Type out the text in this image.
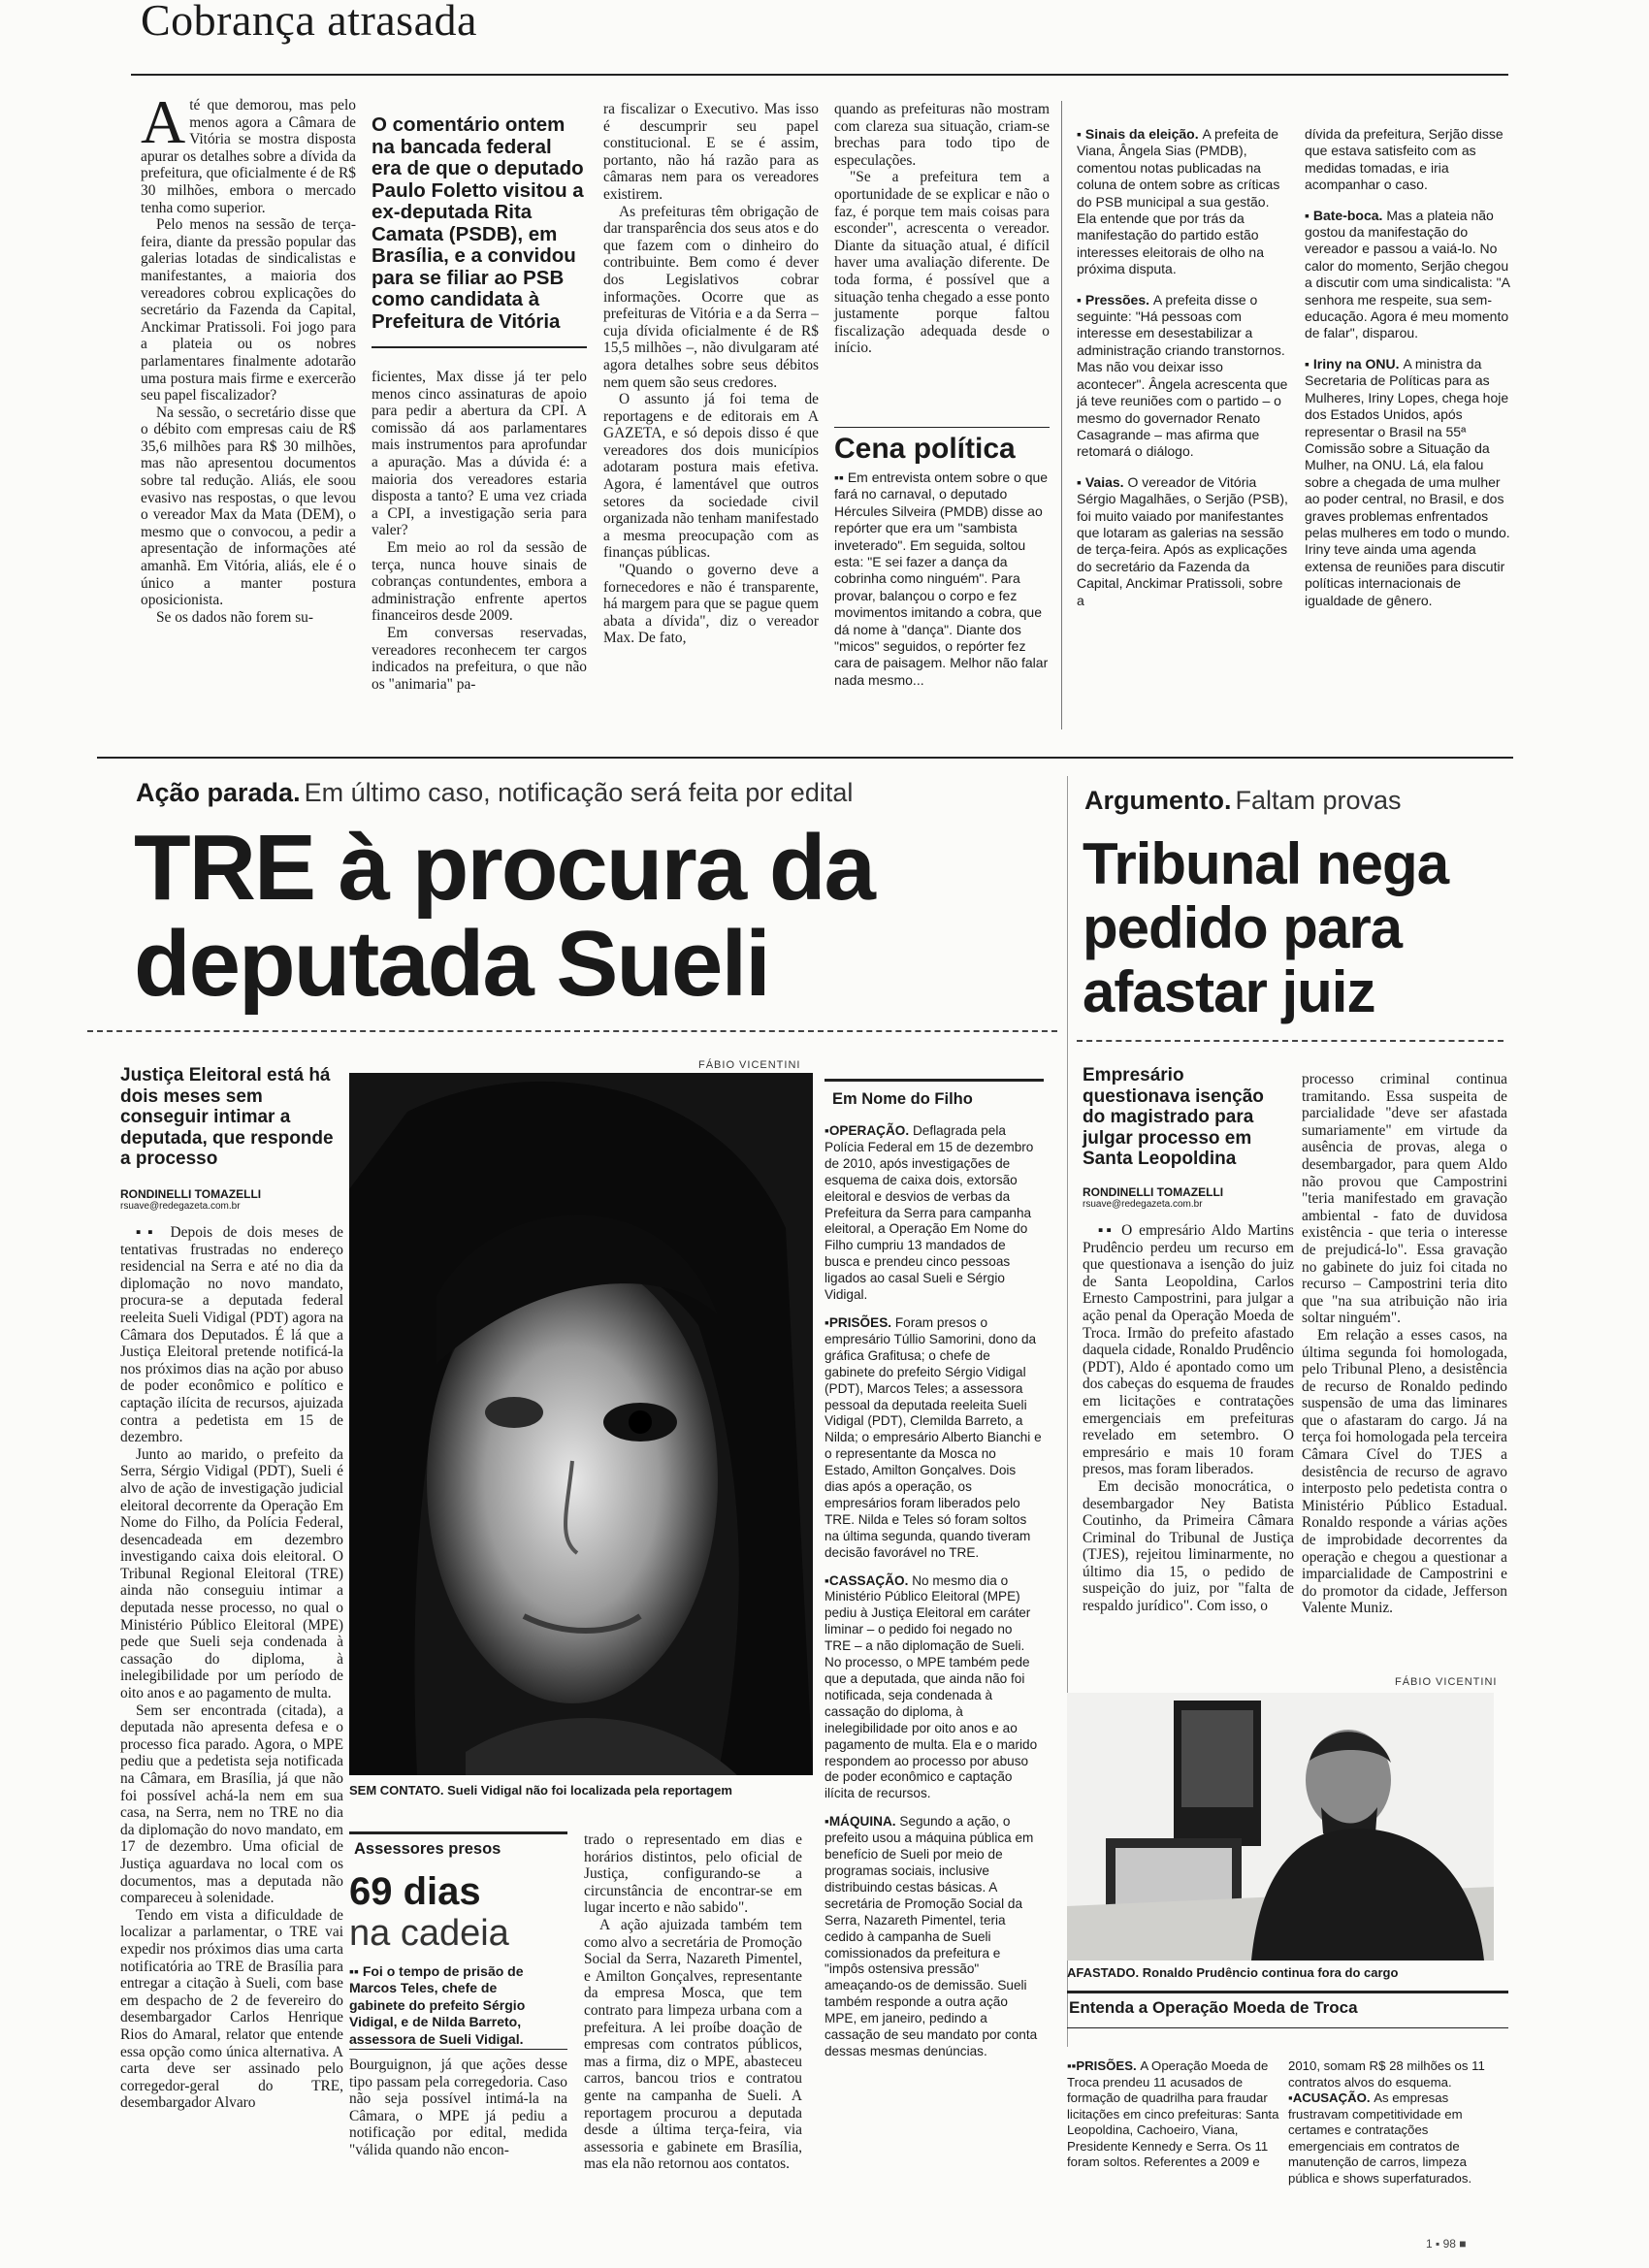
Cobrança atrasada

Até que demorou, mas pelo menos agora a Câmara de Vitória se mostra disposta apurar os detalhes sobre a dívida da prefeitura, que oficialmente é de R$ 30 milhões, embora o mercado tenha como superior.

Pelo menos na sessão de terça-feira, diante da pressão popular das galerias lotadas de sindicalistas e manifestantes, a maioria dos vereadores cobrou explicações do secretário da Fazenda da Capital, Anckimar Pratissoli. Foi jogo para a plateia ou os nobres parlamentares finalmente adotarão uma postura mais firme e exercerão seu papel fiscalizador?

Na sessão, o secretário disse que o débito com empresas caiu de R$ 35,6 milhões para R$ 30 milhões, mas não apresentou documentos sobre tal redução. Aliás, ele soou evasivo nas respostas, o que levou o vereador Max da Mata (DEM), o mesmo que o convocou, a pedir a apresentação de informações até amanhã. Em Vitória, aliás, ele é o único a manter postura oposicionista.

Se os dados não forem su-

O comentário ontem na bancada federal era de que o deputado Paulo Foletto visitou a ex-deputada Rita Camata (PSDB), em Brasília, e a convidou para se filiar ao PSB como candidata à Prefeitura de Vitória

ficientes, Max disse já ter pelo menos cinco assinaturas de apoio para pedir a abertura da CPI. A comissão dá aos parlamentares mais instrumentos para aprofundar a apuração. Mas a dúvida é: a maioria dos vereadores estaria disposta a tanto? E uma vez criada a CPI, a investigação seria para valer?

Em meio ao rol da sessão de terça, nunca houve sinais de cobranças contundentes, embora a administração enfrente apertos financeiros desde 2009.

Em conversas reservadas, vereadores reconhecem ter cargos indicados na prefeitura, o que não os "animaria" pa-

ra fiscalizar o Executivo. Mas isso é descumprir seu papel constitucional. E se é assim, portanto, não há razão para as câmaras nem para os vereadores existirem.

As prefeituras têm obrigação de dar transparência dos seus atos e do que fazem com o dinheiro do contribuinte. Bem como é dever dos Legislativos cobrar informações. Ocorre que as prefeituras de Vitória e a da Serra – cuja dívida oficialmente é de R$ 15,5 milhões –, não divulgaram até agora detalhes sobre seus débitos nem quem são seus credores.

O assunto já foi tema de reportagens e de editorais em A GAZETA, e só depois disso é que vereadores dos dois municípios adotaram postura mais efetiva. Agora, é lamentável que outros setores da sociedade civil organizada não tenham manifestado a mesma preocupação com as finanças públicas.

"Quando o governo deve a fornecedores e não é transparente, há margem para que se pague quem abata a dívida", diz o vereador Max. De fato,

quando as prefeituras não mostram com clareza sua situação, criam-se brechas para todo tipo de especulações.

"Se a prefeitura tem a oportunidade de se explicar e não o faz, é porque tem mais coisas para esconder", acrescenta o vereador. Diante da situação atual, é difícil haver uma avaliação diferente. De toda forma, é possível que a situação tenha chegado a esse ponto justamente porque faltou fiscalização adequada desde o início.

Cena política
▪▪ Em entrevista ontem sobre o que fará no carnaval, o deputado Hércules Silveira (PMDB) disse ao repórter que era um "sambista inveterado". Em seguida, soltou esta: "E sei fazer a dança da cobrinha como ninguém". Para provar, balançou o corpo e fez movimentos imitando a cobra, que dá nome à "dança". Diante dos "micos" seguidos, o repórter fez cara de paisagem. Melhor não falar nada mesmo...
▪ Sinais da eleição. A prefeita de Viana, Ângela Sias (PMDB), comentou notas publicadas na coluna de ontem sobre as críticas do PSB municipal a sua gestão. Ela entende que por trás da manifestação do partido estão interesses eleitorais de olho na próxima disputa.
▪ Pressões. A prefeita disse o seguinte: "Há pessoas com interesse em desestabilizar a administração criando transtornos. Mas não vou deixar isso acontecer". Ângela acrescenta que já teve reuniões com o partido – o mesmo do governador Renato Casagrande – mas afirma que retomará o diálogo.
▪ Vaias. O vereador de Vitória Sérgio Magalhães, o Serjão (PSB), foi muito vaiado por manifestantes que lotaram as galerias na sessão de terça-feira. Após as explicações do secretário da Fazenda da Capital, Anckimar Pratissoli, sobre a
dívida da prefeitura, Serjão disse que estava satisfeito com as medidas tomadas, e iria acompanhar o caso.
▪ Bate-boca. Mas a plateia não gostou da manifestação do vereador e passou a vaiá-lo. No calor do momento, Serjão chegou a discutir com uma sindicalista: "A senhora me respeite, sua sem-educação. Agora é meu momento de falar", disparou.
▪ Iriny na ONU. A ministra da Secretaria de Políticas para as Mulheres, Iriny Lopes, chega hoje dos Estados Unidos, após representar o Brasil na 55ª Comissão sobre a Situação da Mulher, na ONU. Lá, ela falou sobre a chegada de uma mulher ao poder central, no Brasil, e dos graves problemas enfrentados pelas mulheres em todo o mundo. Iriny teve ainda uma agenda extensa de reuniões para discutir políticas internacionais de igualdade de gênero.
Ação parada. Em último caso, notificação será feita por edital
TRE à procura da
deputada Sueli
Justiça Eleitoral está há dois meses sem conseguir intimar a deputada, que responde a processo
RONDINELLI TOMAZELLI
rsuave@redegazeta.com.br

▪▪ Depois de dois meses de tentativas frustradas no endereço residencial na Serra e até no dia da diplomação no novo mandato, procura-se a deputada federal reeleita Sueli Vidigal (PDT) agora na Câmara dos Deputados. É lá que a Justiça Eleitoral pretende notificá-la nos próximos dias na ação por abuso de poder econômico e político e captação ilícita de recursos, ajuizada contra a pedetista em 15 de dezembro.

Junto ao marido, o prefeito da Serra, Sérgio Vidigal (PDT), Sueli é alvo de ação de investigação judicial eleitoral decorrente da Operação Em Nome do Filho, da Polícia Federal, desencadeada em dezembro investigando caixa dois eleitoral. O Tribunal Regional Eleitoral (TRE) ainda não conseguiu intimar a deputada nesse processo, no qual o Ministério Público Eleitoral (MPE) pede que Sueli seja condenada à cassação do diploma, à inelegibilidade por um período de oito anos e ao pagamento de multa.

Sem ser encontrada (citada), a deputada não apresenta defesa e o processo fica parado. Agora, o MPE pediu que a pedetista seja notificada na Câmara, em Brasília, já que não foi possível achá-la nem em sua casa, na Serra, nem no TRE no dia da diplomação do novo mandato, em 17 de dezembro. Uma oficial de Justiça aguardava no local com os documentos, mas a deputada não compareceu à solenidade.

Tendo em vista a dificuldade de localizar a parlamentar, o TRE vai expedir nos próximos dias uma carta notificatória ao TRE de Brasília para entregar a citação à Sueli, com base em despacho de 2 de fevereiro do desembargador Carlos Henrique Rios do Amaral, relator que entende essa opção como única alternativa. A carta deve ser assinado pelo corregedor-geral do TRE, desembargador Alvaro

FÁBIO VICENTINI
SEM CONTATO. Sueli Vidigal não foi localizada pela reportagem
Assessores presos
69 dias
na cadeia
▪▪ Foi o tempo de prisão de Marcos Teles, chefe de gabinete do prefeito Sérgio Vidigal, e de Nilda Barreto, assessora de Sueli Vidigal.

Bourguignon, já que ações desse tipo passam pela corregedoria. Caso não seja possível intimá-la na Câmara, o MPE já pediu a notificação por edital, medida "válida quando não encon-

trado o representado em dias e horários distintos, pelo oficial de Justiça, configurando-se a circunstância de encontrar-se em lugar incerto e não sabido".

A ação ajuizada também tem como alvo a secretária de Promoção Social da Serra, Nazareth Pimentel, e Amilton Gonçalves, representante da empresa Mosca, que tem contrato para limpeza urbana com a prefeitura. A lei proíbe doação de empresas com contratos públicos, mas a firma, diz o MPE, abasteceu carros, bancou trios e contratou gente na campanha de Sueli. A reportagem procurou a deputada desde a última terça-feira, via assessoria e gabinete em Brasília, mas ela não retornou aos contatos.

Em Nome do Filho
▪OPERAÇÃO. Deflagrada pela Polícia Federal em 15 de dezembro de 2010, após investigações de esquema de caixa dois, extorsão eleitoral e desvios de verbas da Prefeitura da Serra para campanha eleitoral, a Operação Em Nome do Filho cumpriu 13 mandados de busca e prendeu cinco pessoas ligados ao casal Sueli e Sérgio Vidigal.
▪PRISÕES. Foram presos o empresário Túllio Samorini, dono da gráfica Grafitusa; o chefe de gabinete do prefeito Sérgio Vidigal (PDT), Marcos Teles; a assessora pessoal da deputada reeleita Sueli Vidigal (PDT), Clemilda Barreto, a Nilda; o empresário Alberto Bianchi e o representante da Mosca no Estado, Amilton Gonçalves. Dois dias após a operação, os empresários foram liberados pelo TRE. Nilda e Teles só foram soltos na última segunda, quando tiveram decisão favorável no TRE.
▪CASSAÇÃO. No mesmo dia o Ministério Público Eleitoral (MPE) pediu à Justiça Eleitoral em caráter liminar – o pedido foi negado no TRE – a não diplomação de Sueli. No processo, o MPE também pede que a deputada, que ainda não foi notificada, seja condenada à cassação do diploma, à inelegibilidade por oito anos e ao pagamento de multa. Ela e o marido respondem ao processo por abuso de poder econômico e captação ilícita de recursos.
▪MÁQUINA. Segundo a ação, o prefeito usou a máquina pública em benefício de Sueli por meio de programas sociais, inclusive distribuindo cestas básicas. A secretária de Promoção Social da Serra, Nazareth Pimentel, teria cedido à campanha de Sueli comissionados da prefeitura e "impôs ostensiva pressão" ameaçando-os de demissão. Sueli também responde a outra ação MPE, em janeiro, pedindo a cassação de seu mandato por conta dessas mesmas denúncias.
Argumento. Faltam provas
Tribunal nega
pedido para
afastar juiz
Empresário questionava isenção do magistrado para julgar processo em Santa Leopoldina
RONDINELLI TOMAZELLI
rsuave@redegazeta.com.br

▪▪ O empresário Aldo Martins Prudêncio perdeu um recurso em que questionava a isenção do juiz de Santa Leopoldina, Carlos Ernesto Campostrini, para julgar a ação penal da Operação Moeda de Troca. Irmão do prefeito afastado daquela cidade, Ronaldo Prudêncio (PDT), Aldo é apontado como um dos cabeças do esquema de fraudes em licitações e contratações emergenciais em prefeituras revelado em setembro. O empresário e mais 10 foram presos, mas foram liberados.

Em decisão monocrática, o desembargador Ney Batista Coutinho, da Primeira Câmara Criminal do Tribunal de Justiça (TJES), rejeitou liminarmente, no último dia 15, o pedido de suspeição do juiz, por "falta de respaldo jurídico". Com isso, o

processo criminal continua tramitando. Essa suspeita de parcialidade "deve ser afastada sumariamente" em virtude da ausência de provas, alega o desembargador, para quem Aldo não provou que Campostrini "teria manifestado em gravação ambiental - fato de duvidosa existência - que teria o interesse de prejudicá-lo". Essa gravação no gabinete do juiz foi citada no recurso – Campostrini teria dito que "na sua atribuição não iria soltar ninguém".

Em relação a esses casos, na última segunda foi homologada, pelo Tribunal Pleno, a desistência de recurso de Ronaldo pedindo suspensão de uma das liminares que o afastaram do cargo. Já na terça foi homologada pela terceira Câmara Cível do TJES a desistência de recurso de agravo interposto pelo pedetista contra o Ministério Público Estadual. Ronaldo responde a várias ações de improbidade decorrentes da operação e chegou a questionar a imparcialidade de Campostrini e do promotor da cidade, Jefferson Valente Muniz.

FÁBIO VICENTINI
AFASTADO. Ronaldo Prudêncio continua fora do cargo
Entenda a Operação Moeda de Troca
▪▪PRISÕES. A Operação Moeda de Troca prendeu 11 acusados de formação de quadrilha para fraudar licitações em cinco prefeituras: Santa Leopoldina, Cachoeiro, Viana, Presidente Kennedy e Serra. Os 11 foram soltos. Referentes a 2009 e
2010, somam R$ 28 milhões os 11 contratos alvos do esquema.
▪ACUSAÇÃO. As empresas frustravam competitividade em certames e contratações emergenciais em contratos de manutenção de carros, limpeza pública e shows superfaturados.
1 ▪ 98 ■
